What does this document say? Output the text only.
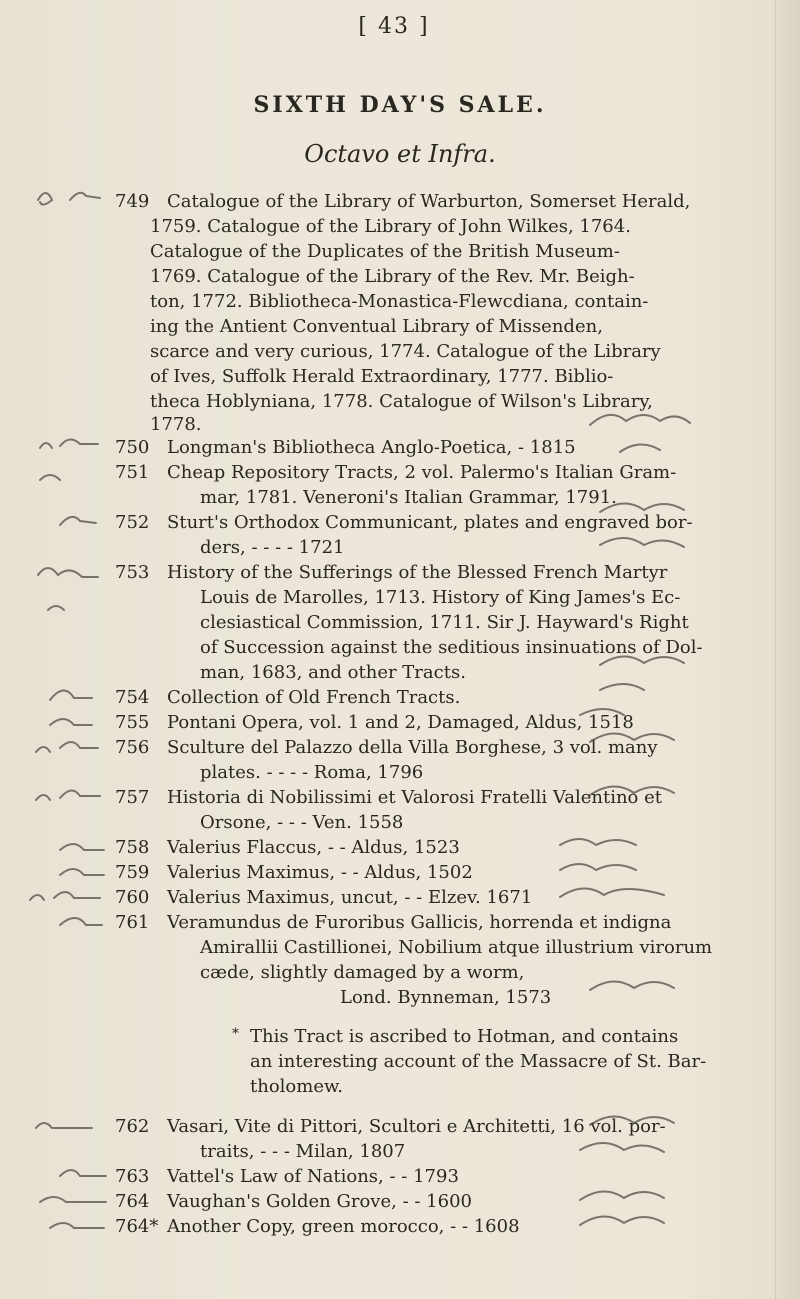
[ 43 ]
SIXTH DAY'S SALE.
Octavo et Infra.
749 Catalogue of the Library of Warburton, Somerset Herald,
1759. Catalogue of the Library of John Wilkes, 1764.
Catalogue of the Duplicates of the British Museum-
1769. Catalogue of the Library of the Rev. Mr. Beigh-
ton, 1772. Bibliotheca-Monastica-Flewcdiana, contain-
ing the Antient Conventual Library of Missenden,
scarce and very curious, 1774. Catalogue of the Library
of Ives, Suffolk Herald Extraordinary, 1777. Biblio-
theca Hoblyniana, 1778. Catalogue of Wilson's Library,
1778.
750 Longman's Bibliotheca Anglo-Poetica, - 1815
751 Cheap Repository Tracts, 2 vol. Palermo's Italian Gram-
mar, 1781. Veneroni's Italian Grammar, 1791.
752 Sturt's Orthodox Communicant, plates and engraved bor-
ders, - - - - 1721
753 History of the Sufferings of the Blessed French Martyr
Louis de Marolles, 1713. History of King James's Ec-
clesiastical Commission, 1711. Sir J. Hayward's Right
of Succession against the seditious insinuations of Dol-
man, 1683, and other Tracts.
754 Collection of Old French Tracts.
755 Pontani Opera, vol. 1 and 2, Damaged, Aldus, 1518
756 Sculture del Palazzo della Villa Borghese, 3 vol. many
plates. - - - - Roma, 1796
757 Historia di Nobilissimi et Valorosi Fratelli Valentino et
Orsone, - - - Ven. 1558
758 Valerius Flaccus, - - Aldus, 1523
759 Valerius Maximus, - - Aldus, 1502
760 Valerius Maximus, uncut, - - Elzev. 1671
761 Veramundus de Furoribus Gallicis, horrenda et indigna
Amirallii Castillionei, Nobilium atque illustrium virorum
cæde, slightly damaged by a worm,
Lond. Bynneman, 1573
* This Tract is ascribed to Hotman, and contains
an interesting account of the Massacre of St. Bar-
tholomew.
762 Vasari, Vite di Pittori, Scultori e Architetti, 16 vol. por-
traits, - - - Milan, 1807
763 Vattel's Law of Nations, - - 1793
764 Vaughan's Golden Grove, - - 1600
764* Another Copy, green morocco, - - 1608
